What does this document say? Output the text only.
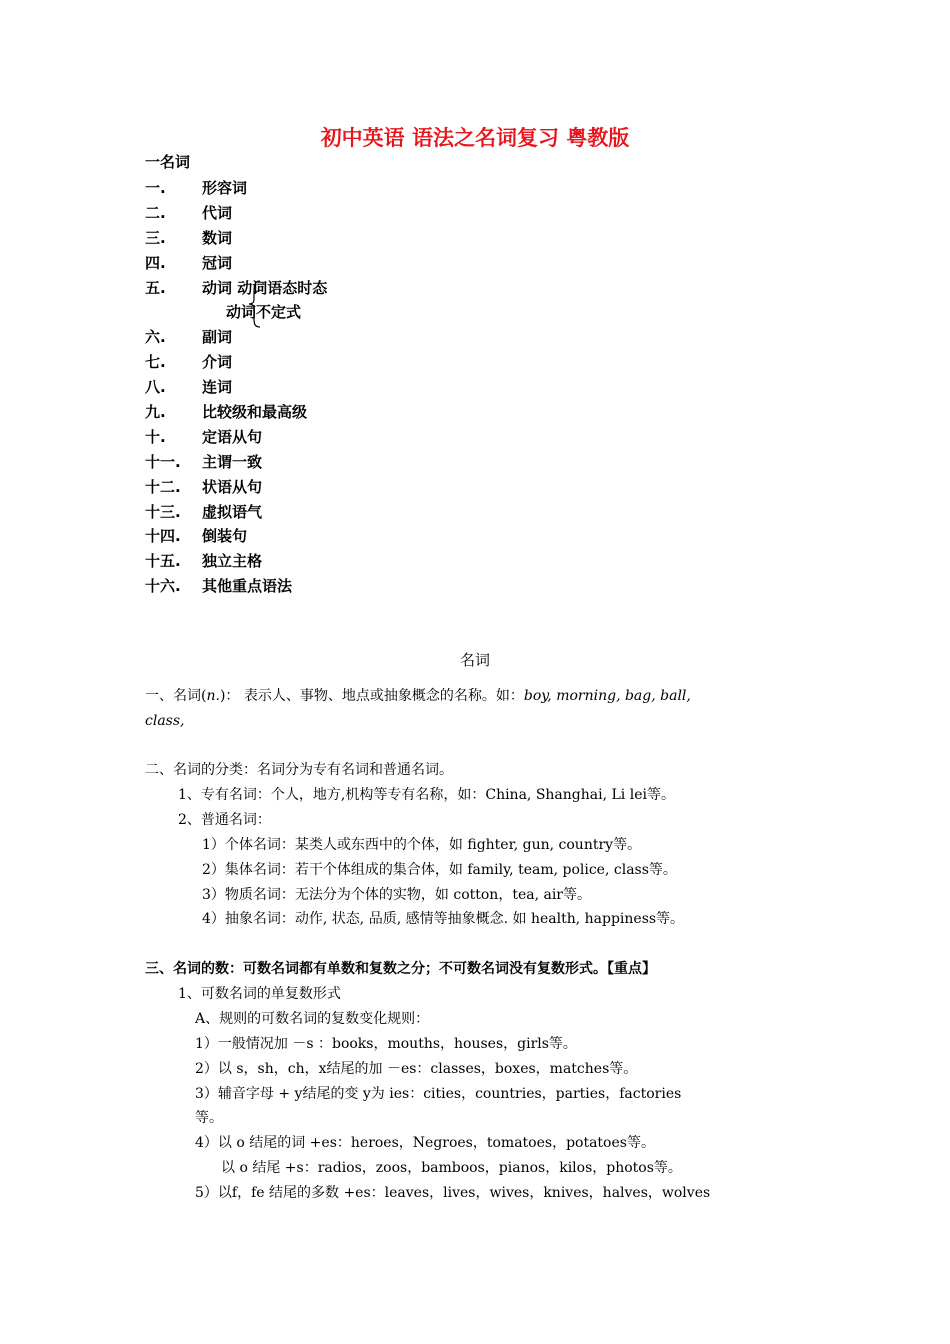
初中英语 语法之名词复习 粤教版
一名词
一. 形容词
二. 代词
三. 数词
四. 冠词
五. 动词 动词语态时态
动词不定式
六. 副词
七. 介词
八. 连词
九. 比较级和最高级
十. 定语从句
十一. 主谓一致
十二. 状语从句
十三. 虚拟语气
十四. 倒装句
十五. 独立主格
十六. 其他重点语法
名词

一、名词(n.)： 表示人、事物、地点或抽象概念的名称。如：boy, morning, bag, ball,

class,

二、名词的分类：名词分为专有名词和普通名词。

1、专有名词：个人，地方,机构等专有名称，如：China, Shanghai, Li lei等。

2、普通名词：

1）个体名词：某类人或东西中的个体，如 fighter, gun, country等。

2）集体名词：若干个体组成的集合体，如 family, team, police, class等。

3）物质名词：无法分为个体的实物，如 cotton，tea, air等。

4）抽象名词：动作, 状态, 品质, 感情等抽象概念. 如 health, happiness等。

三、名词的数：可数名词都有单数和复数之分；不可数名词没有复数形式。【重点】

1、可数名词的单复数形式

A、规则的可数名词的复数变化规则：

1）一般情况加 －s ：books，mouths，houses，girls等。

2）以 s，sh，ch，x结尾的加 －es：classes，boxes，matches等。

3）辅音字母 + y结尾的变 y为 ies：cities，countries，parties，factories

等。

4）以 o 结尾的词 +es：heroes，Negroes，tomatoes，potatoes等。

以 o 结尾 +s：radios，zoos，bamboos，pianos，kilos，photos等。

5）以f，fe 结尾的多数 +es：leaves，lives，wives，knives，halves，wolves
